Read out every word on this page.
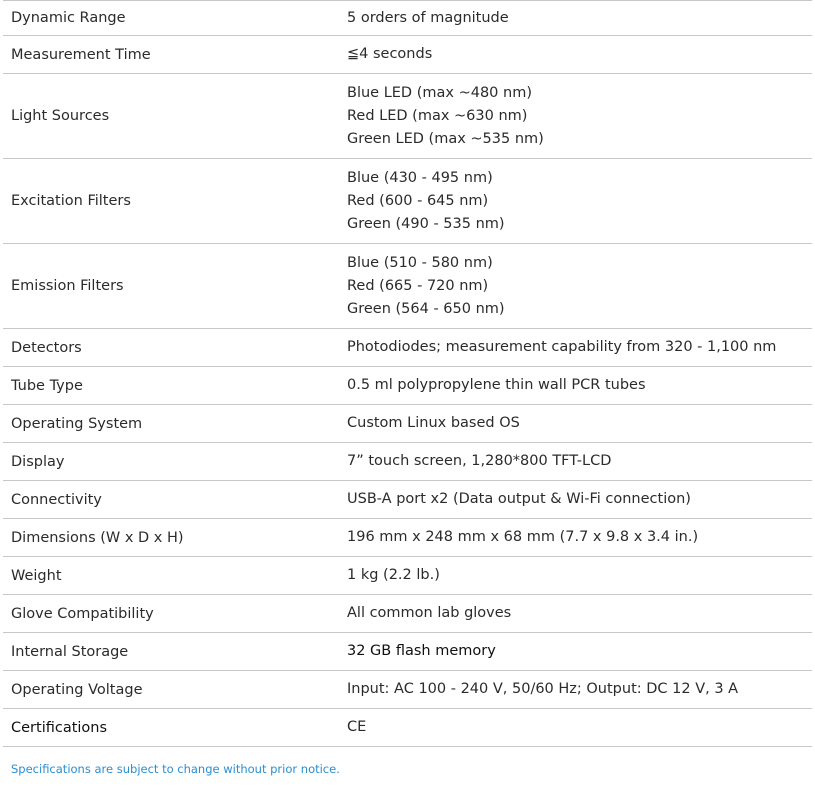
Dynamic Range	5 orders of magnitude

Measurement Time	≦4 seconds

Light Sources	Blue LED (max ~480 nm)
Red LED (max ~630 nm)
Green LED (max ~535 nm)

Excitation Filters	Blue (430 - 495 nm)
Red (600 - 645 nm)
Green (490 - 535 nm)

Emission Filters	Blue (510 - 580 nm)
Red (665 - 720 nm)
Green (564 - 650 nm)

Detectors	Photodiodes; measurement capability from 320 - 1,100 nm

Tube Type	0.5 ml polypropylene thin wall PCR tubes

Operating System	Custom Linux based OS

Display	7” touch screen, 1,280*800 TFT-LCD

Connectivity	USB-A port x2 (Data output & Wi-Fi connection)

Dimensions (W x D x H)	196 mm x 248 mm x 68 mm (7.7 x 9.8 x 3.4 in.)

Weight	1 kg (2.2 lb.)

Glove Compatibility	All common lab gloves

Internal Storage	32 GB flash memory

Operating Voltage	Input: AC 100 - 240 V, 50/60 Hz; Output: DC 12 V, 3 A

Certifications	CE
Specifications are subject to change without prior notice.
